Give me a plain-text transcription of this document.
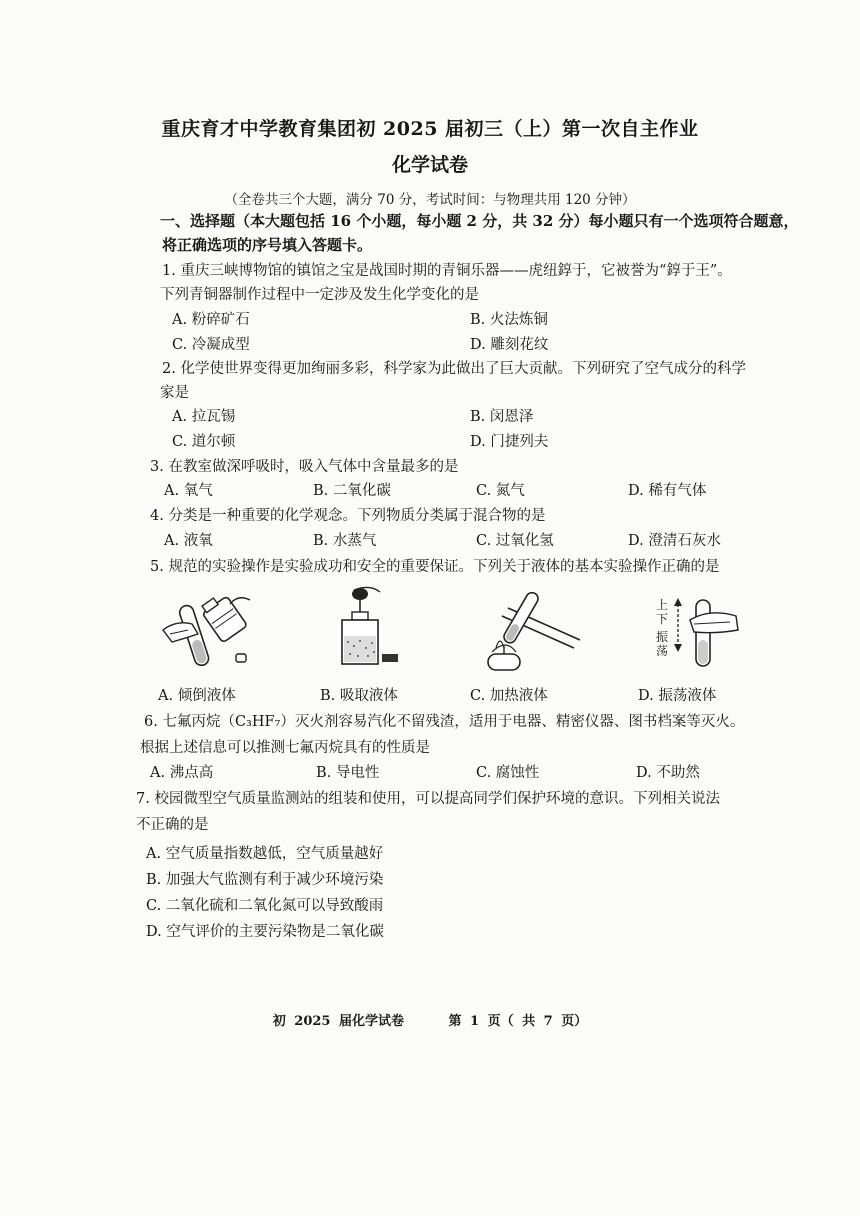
重庆育才中学教育集团初 2025 届初三（上）第一次自主作业
化学试卷
（全卷共三个大题，满分 70 分，考试时间：与物理共用 120 分钟）
一、选择题（本大题包括 16 个小题，每小题 2 分，共 32 分）每小题只有一个选项符合题意，
将正确选项的序号填入答题卡。
1. 重庆三峡博物馆的镇馆之宝是战国时期的青铜乐器——虎纽錞于，它被誉为“錞于王”。
下列青铜器制作过程中一定涉及发生化学变化的是
A. 粉碎矿石	B. 火法炼铜
C. 冷凝成型	D. 雕刻花纹
2. 化学使世界变得更加绚丽多彩，科学家为此做出了巨大贡献。下列研究了空气成分的科学
家是
A. 拉瓦锡	B. 闵恩泽
C. 道尔顿	D. 门捷列夫
3. 在教室做深呼吸时，吸入气体中含量最多的是
A. 氧气	B. 二氧化碳	C. 氮气	D. 稀有气体
4. 分类是一种重要的化学观念。下列物质分类属于混合物的是
A. 液氧	B. 水蒸气	C. 过氧化氢	D. 澄清石灰水
5. 规范的实验操作是实验成功和安全的重要保证。下列关于液体的基本实验操作正确的是
上
下
振
荡
A. 倾倒液体	B. 吸取液体	C. 加热液体	D. 振荡液体
6. 七氟丙烷（C₃HF₇）灭火剂容易汽化不留残渣，适用于电器、精密仪器、图书档案等灭火。
根据上述信息可以推测七氟丙烷具有的性质是
A. 沸点高	B. 导电性	C. 腐蚀性	D. 不助然
7. 校园微型空气质量监测站的组装和使用，可以提高同学们保护环境的意识。下列相关说法
不正确的是
A. 空气质量指数越低，空气质量越好
B. 加强大气监测有利于减少环境污染
C. 二氧化硫和二氧化氮可以导致酸雨
D. 空气评价的主要污染物是二氧化碳
初 2025 届化学试卷	第 1 页（ 共 7 页）
